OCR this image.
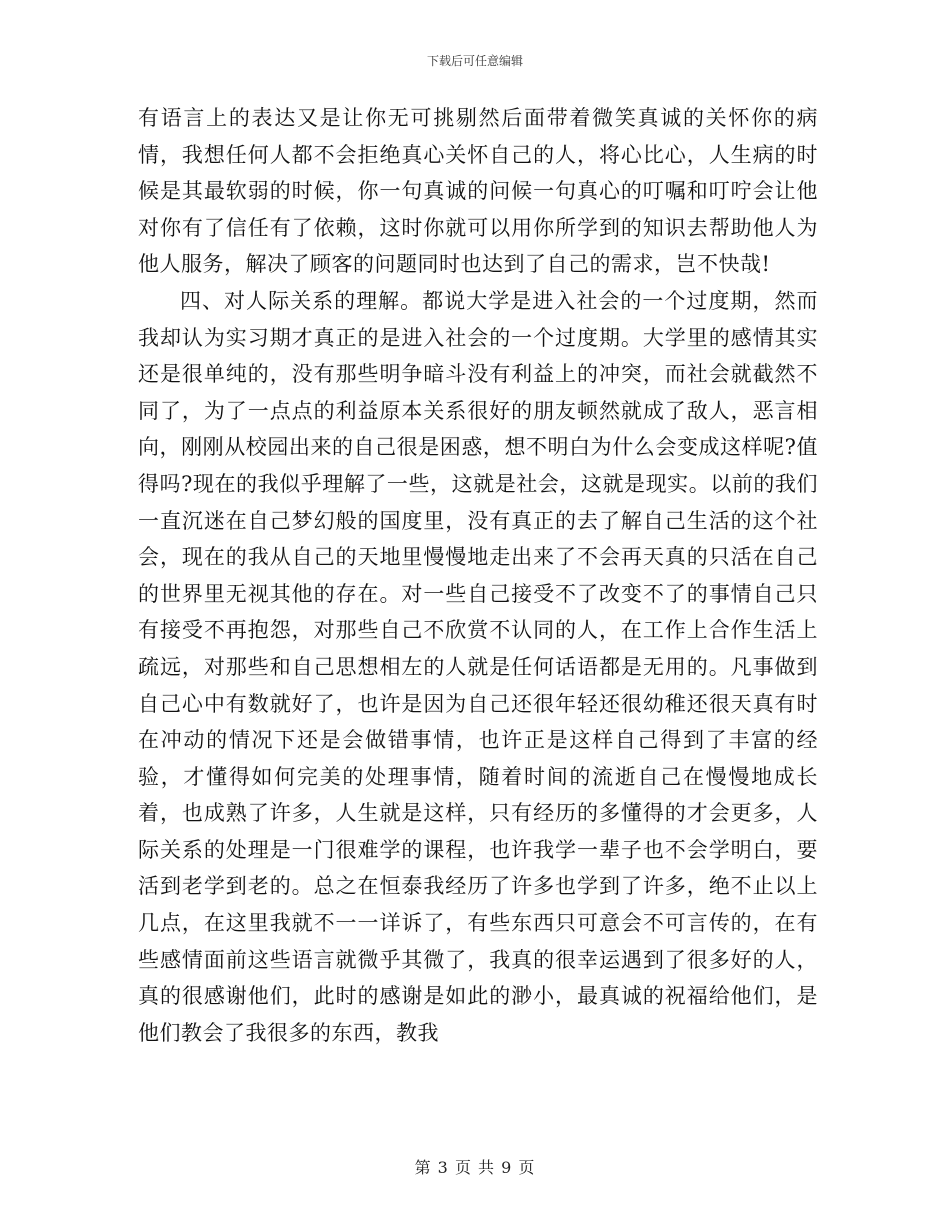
下载后可任意编辑

有语言上的表达又是让你无可挑剔然后面带着微笑真诚的关怀你的病情，我想任何人都不会拒绝真心关怀自己的人，将心比心，人生病的时候是其最软弱的时候，你一句真诚的问候一句真心的叮嘱和叮咛会让他对你有了信任有了依赖，这时你就可以用你所学到的知识去帮助他人为他人服务，解决了顾客的问题同时也达到了自己的需求，岂不快哉!

四、对人际关系的理解。都说大学是进入社会的一个过度期，然而我却认为实习期才真正的是进入社会的一个过度期。大学里的感情其实还是很单纯的，没有那些明争暗斗没有利益上的冲突，而社会就截然不同了，为了一点点的利益原本关系很好的朋友顿然就成了敌人，恶言相向，刚刚从校园出来的自己很是困惑，想不明白为什么会变成这样呢?值得吗?现在的我似乎理解了一些，这就是社会，这就是现实。以前的我们一直沉迷在自己梦幻般的国度里，没有真正的去了解自己生活的这个社会，现在的我从自己的天地里慢慢地走出来了不会再天真的只活在自己的世界里无视其他的存在。对一些自己接受不了改变不了的事情自己只有接受不再抱怨，对那些自己不欣赏不认同的人，在工作上合作生活上疏远，对那些和自己思想相左的人就是任何话语都是无用的。凡事做到自己心中有数就好了，也许是因为自己还很年轻还很幼稚还很天真有时在冲动的情况下还是会做错事情，也许正是这样自己得到了丰富的经验，才懂得如何完美的处理事情，随着时间的流逝自己在慢慢地成长着，也成熟了许多，人生就是这样，只有经历的多懂得的才会更多，人际关系的处理是一门很难学的课程，也许我学一辈子也不会学明白，要活到老学到老的。总之在恒泰我经历了许多也学到了许多，绝不止以上几点，在这里我就不一一详诉了，有些东西只可意会不可言传的，在有些感情面前这些语言就微乎其微了，我真的很幸运遇到了很多好的人，真的很感谢他们，此时的感谢是如此的渺小，最真诚的祝福给他们，是他们教会了我很多的东西，教我

第 3 页 共 9 页
